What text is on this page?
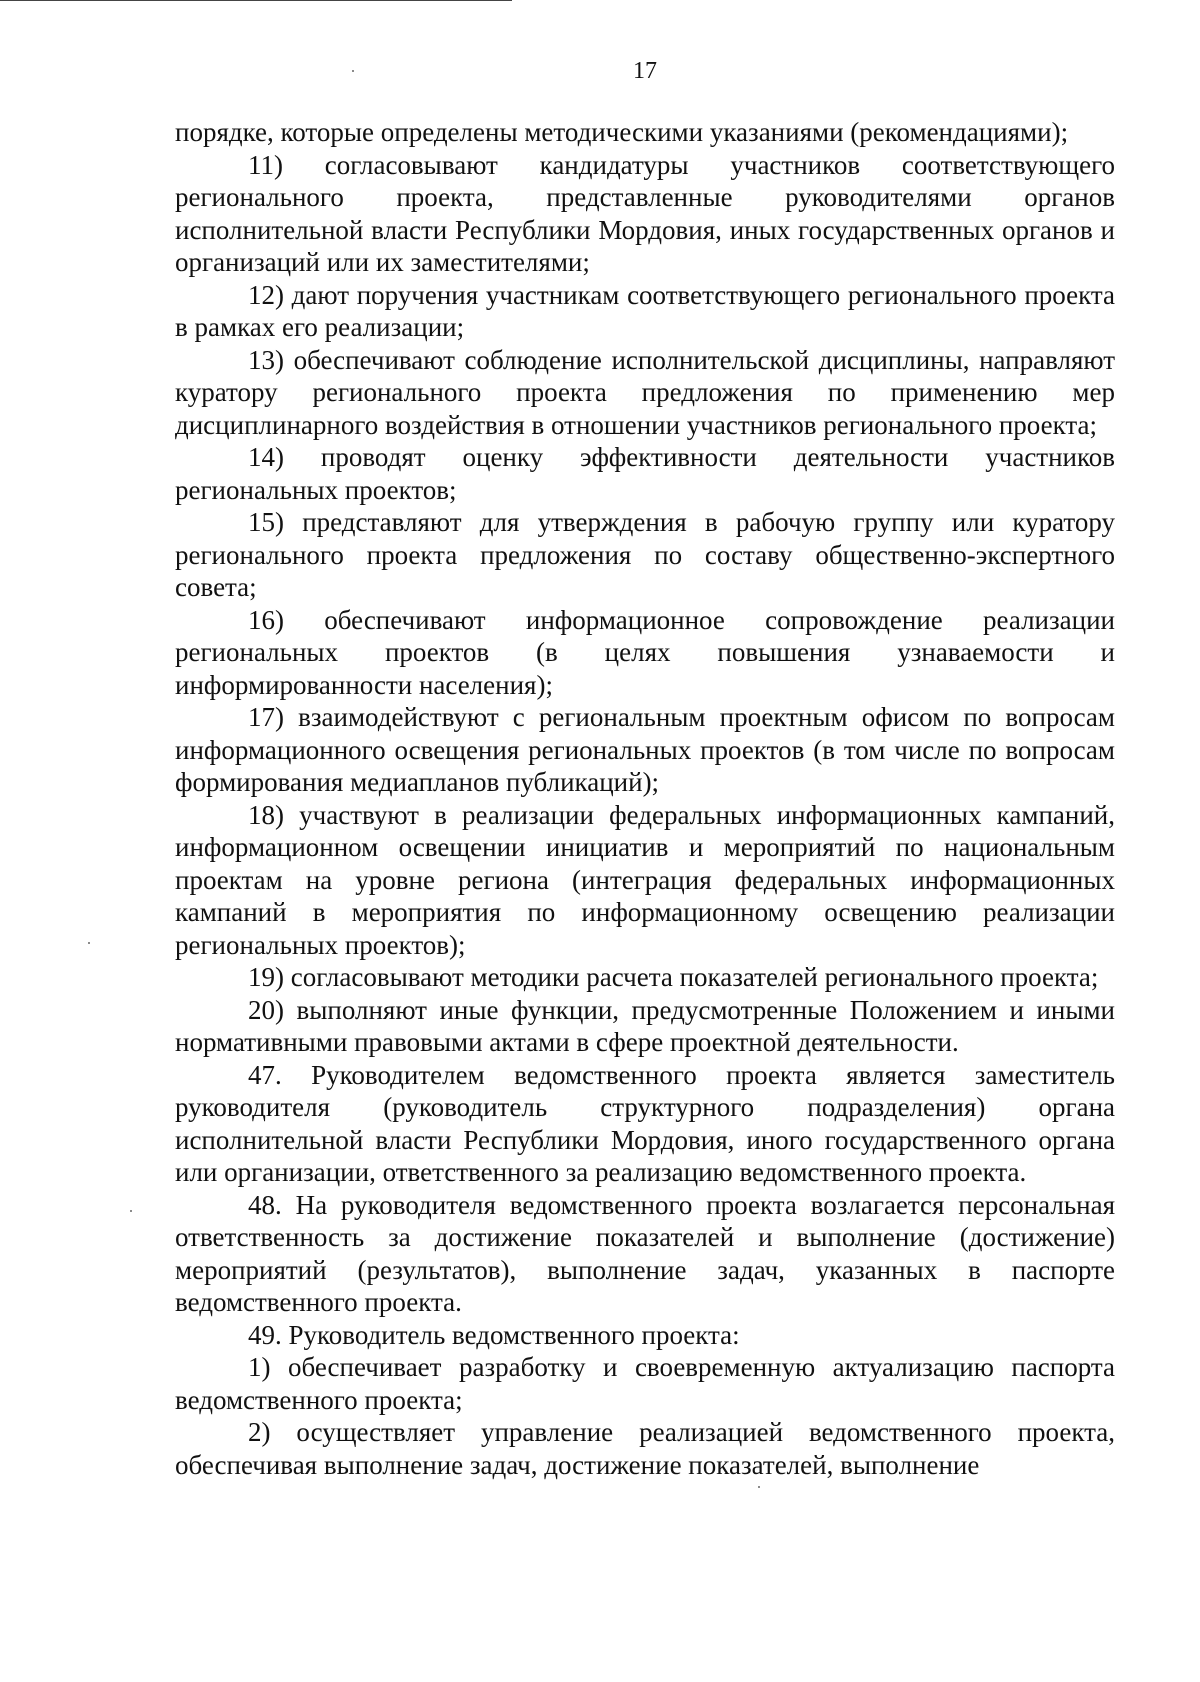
17

порядке, которые определены методическими указаниями (рекомендациями);

11) согласовывают кандидатуры участников соответствующего регионального проекта, представленные руководителями органов исполнительной власти Республики Мордовия, иных государственных органов и организаций или их заместителями;

12) дают поручения участникам соответствующего регионального проекта в рамках его реализации;

13) обеспечивают соблюдение исполнительской дисциплины, направляют куратору регионального проекта предложения по применению мер дисциплинарного воздействия в отношении участников регионального проекта;

14) проводят оценку эффективности деятельности участников региональных проектов;

15) представляют для утверждения в рабочую группу или куратору регионального проекта предложения по составу общественно-экспертного совета;

16) обеспечивают информационное сопровождение реализации региональных проектов (в целях повышения узнаваемости и информированности населения);

17) взаимодействуют с региональным проектным офисом по вопросам информационного освещения региональных проектов (в том числе по вопросам формирования медиапланов публикаций);

18) участвуют в реализации федеральных информационных кампаний, информационном освещении инициатив и мероприятий по национальным проектам на уровне региона (интеграция федеральных информационных кампаний в мероприятия по информационному освещению реализации региональных проектов);

19) согласовывают методики расчета показателей регионального проекта;

20) выполняют иные функции, предусмотренные Положением и иными нормативными правовыми актами в сфере проектной деятельности.

47. Руководителем ведомственного проекта является заместитель руководителя (руководитель структурного подразделения) органа исполнительной власти Республики Мордовия, иного государственного органа или организации, ответственного за реализацию ведомственного проекта.

48. На руководителя ведомственного проекта возлагается персональная ответственность за достижение показателей и выполнение (достижение) мероприятий (результатов), выполнение задач, указанных в паспорте ведомственного проекта.

49. Руководитель ведомственного проекта:

1) обеспечивает разработку и своевременную актуализацию паспорта ведомственного проекта;

2) осуществляет управление реализацией ведомственного проекта, обеспечивая выполнение задач, достижение показателей, выполнение
